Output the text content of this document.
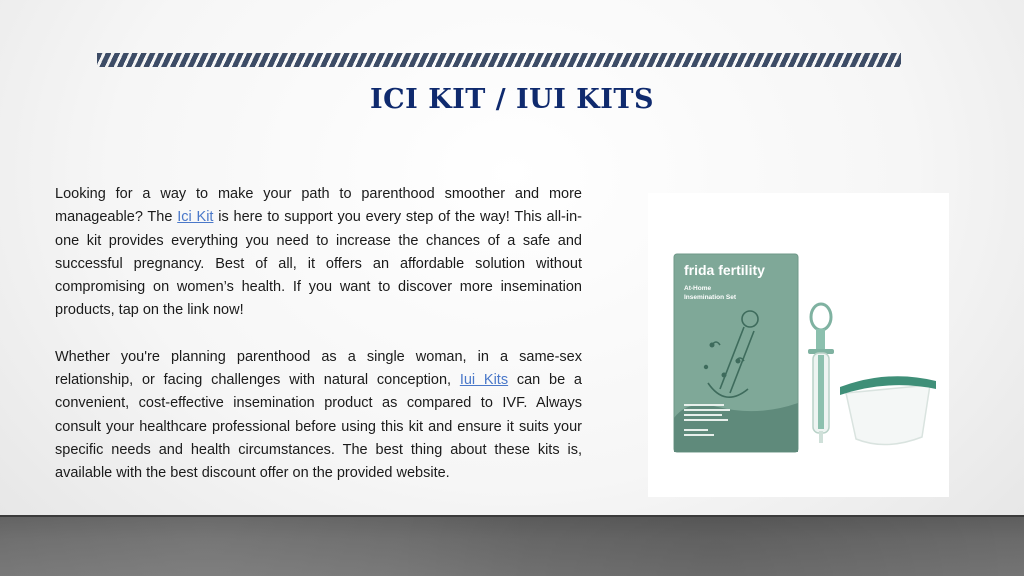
ICI KIT / IUI KITS

Looking for a way to make your path to parenthood smoother and more manageable? The Ici Kit is here to support you every step of the way! This all-in-one kit provides everything you need to increase the chances of a safe and successful pregnancy. Best of all, it offers an affordable solution without compromising on women’s health. If you want to discover more insemination products, tap on the link now!

Whether you're planning parenthood as a single woman, in a same-sex relationship, or facing challenges with natural conception, Iui Kits can be a convenient, cost-effective insemination product as compared to IVF. Always consult your healthcare professional before using this kit and ensure it suits your specific needs and health circumstances. The best thing about these kits is, available with the best discount offer on the provided website.

frida fertility
At-Home
Insemination Set
